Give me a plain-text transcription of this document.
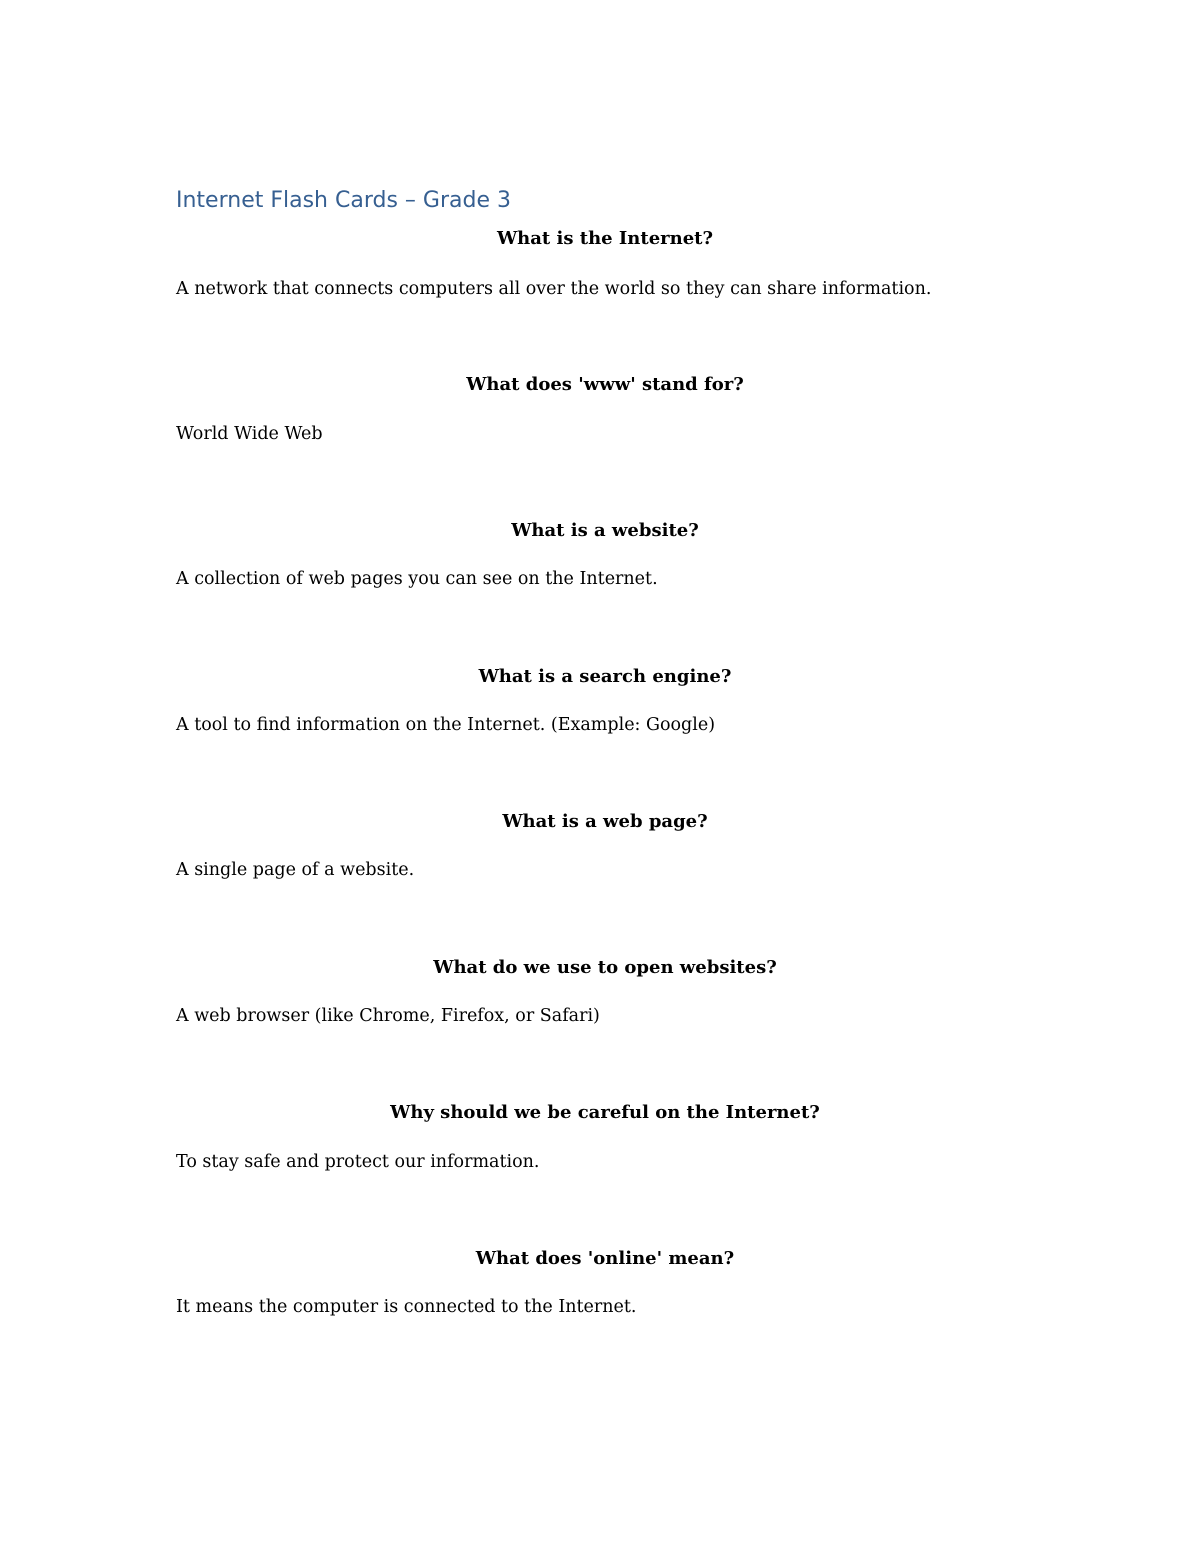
Internet Flash Cards – Grade 3

What is the Internet?

A network that connects computers all over the world so they can share information.

What does 'www' stand for?

World Wide Web

What is a website?

A collection of web pages you can see on the Internet.

What is a search engine?

A tool to find information on the Internet. (Example: Google)

What is a web page?

A single page of a website.

What do we use to open websites?

A web browser (like Chrome, Firefox, or Safari)

Why should we be careful on the Internet?

To stay safe and protect our information.

What does 'online' mean?

It means the computer is connected to the Internet.
